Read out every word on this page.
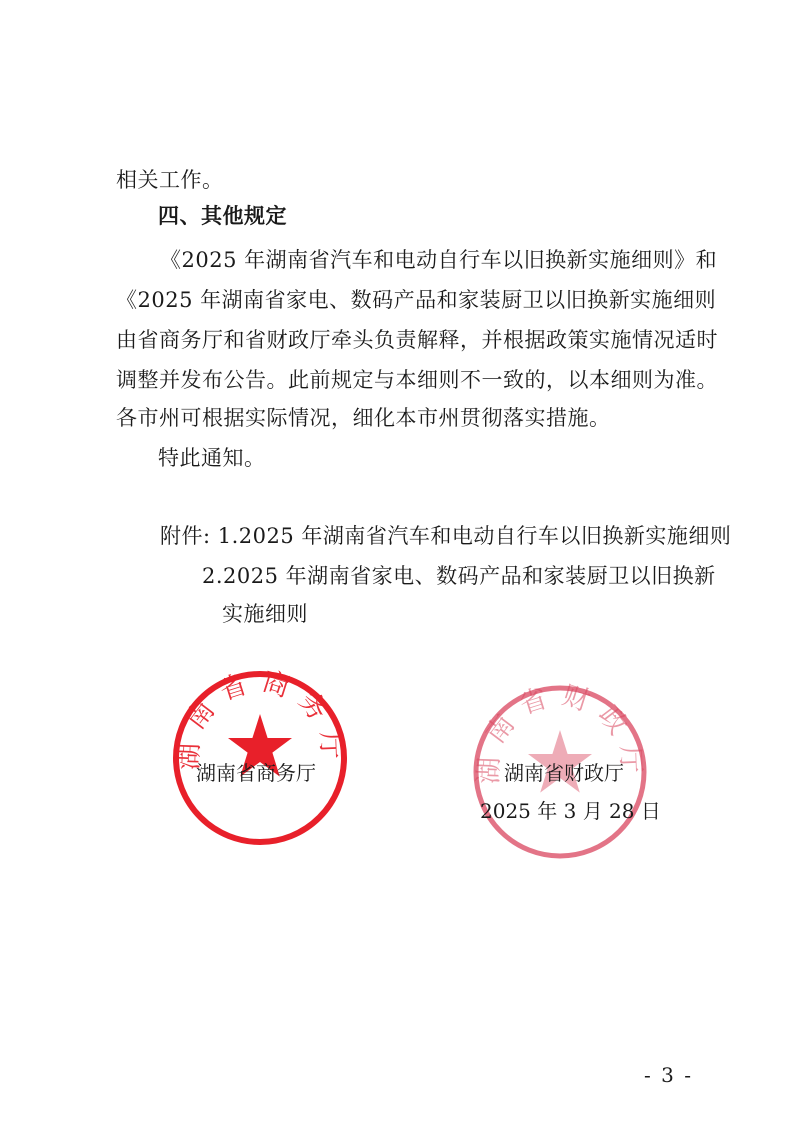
相关工作。
四、其他规定
《2025 年湖南省汽车和电动自行车以旧换新实施细则》和
《2025 年湖南省家电、数码产品和家装厨卫以旧换新实施细则
由省商务厅和省财政厅牵头负责解释，并根据政策实施情况适时
调整并发布公告。此前规定与本细则不一致的，以本细则为准。
各市州可根据实际情况，细化本市州贯彻落实措施。
特此通知。
附件: 1.2025 年湖南省汽车和电动自行车以旧换新实施细则
2.2025 年湖南省家电、数码产品和家装厨卫以旧换新
实施细则
湖南省商务厅	湖南省财政厅
湖南省商务厅	湖南省财政厅
2025 年 3 月 28 日
- 3 -
